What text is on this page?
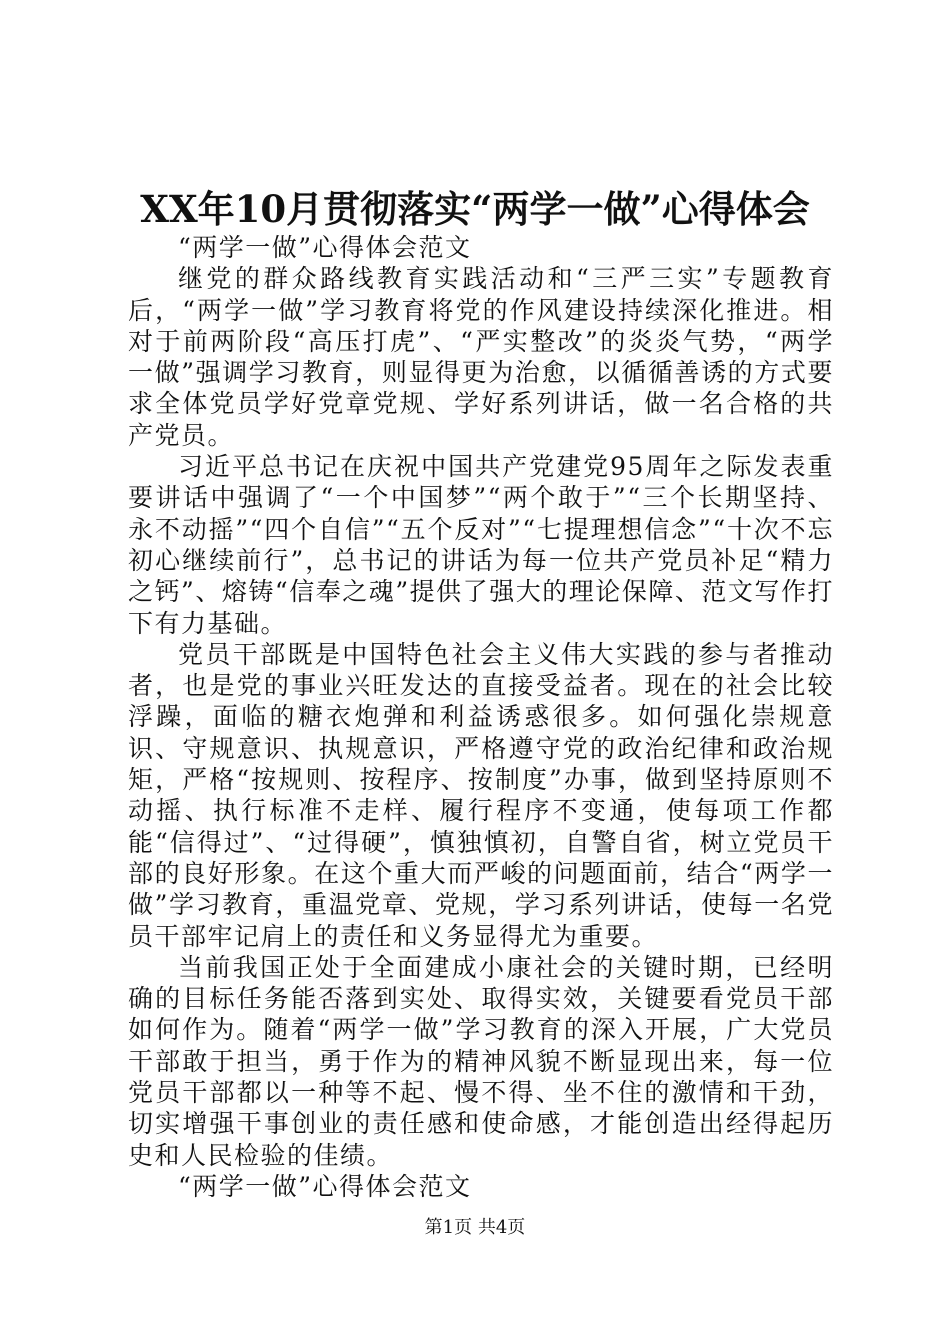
XX年10月贯彻落实“两学一做”心得体会

“两学一做”心得体会范文

继党的群众路线教育实践活动和“三严三实”专题教育后，“两学一做”学习教育将党的作风建设持续深化推进。相对于前两阶段“高压打虎”、“严实整改”的炎炎气势，“两学一做”强调学习教育，则显得更为治愈，以循循善诱的方式要求全体党员学好党章党规、学好系列讲话，做一名合格的共产党员。

习近平总书记在庆祝中国共产党建党95周年之际发表重要讲话中强调了“一个中国梦”“两个敢于”“三个长期坚持、永不动摇”“四个自信”“五个反对”“七提理想信念”“十次不忘初心继续前行”，总书记的讲话为每一位共产党员补足“精力之钙”、熔铸“信奉之魂”提供了强大的理论保障、范文写作打下有力基础。

党员干部既是中国特色社会主义伟大实践的参与者推动者，也是党的事业兴旺发达的直接受益者。现在的社会比较浮躁，面临的糖衣炮弹和利益诱惑很多。如何强化崇规意识、守规意识、执规意识，严格遵守党的政治纪律和政治规矩，严格“按规则、按程序、按制度”办事，做到坚持原则不动摇、执行标准不走样、履行程序不变通，使每项工作都能“信得过”、“过得硬”，慎独慎初，自警自省，树立党员干部的良好形象。在这个重大而严峻的问题面前，结合“两学一做”学习教育，重温党章、党规，学习系列讲话，使每一名党员干部牢记肩上的责任和义务显得尤为重要。

当前我国正处于全面建成小康社会的关键时期，已经明确的目标任务能否落到实处、取得实效，关键要看党员干部如何作为。随着“两学一做”学习教育的深入开展，广大党员干部敢于担当，勇于作为的精神风貌不断显现出来，每一位党员干部都以一种等不起、慢不得、坐不住的激情和干劲，切实增强干事创业的责任感和使命感，才能创造出经得起历史和人民检验的佳绩。

“两学一做”心得体会范文

第1页 共4页
